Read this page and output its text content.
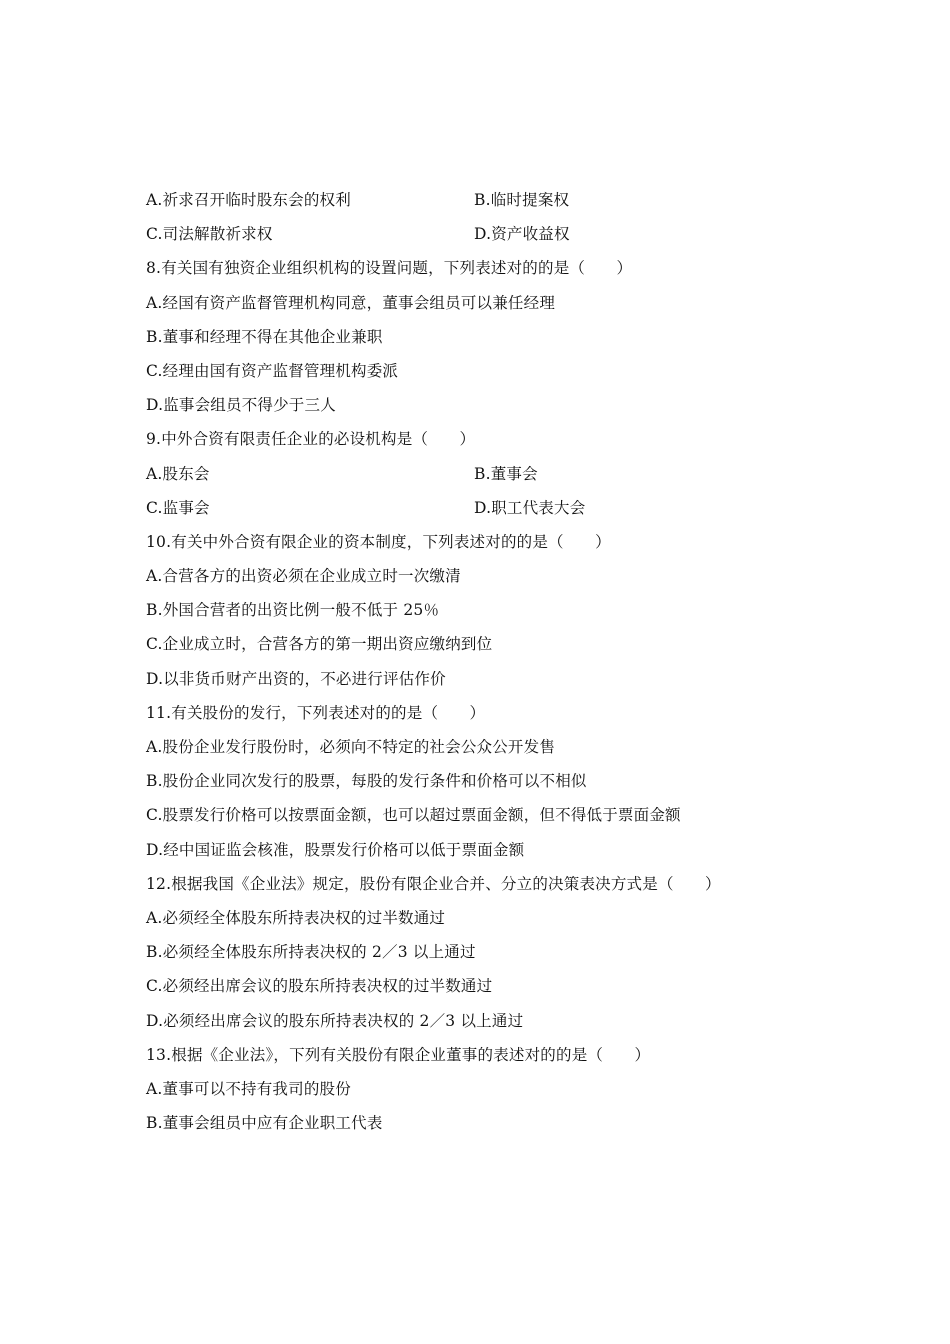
A.祈求召开临时股东会的权利	B.临时提案权
C.司法解散祈求权	D.资产收益权
8.有关国有独资企业组织机构的设置问题，下列表述对的的是（　　）
A.经国有资产监督管理机构同意，董事会组员可以兼任经理
B.董事和经理不得在其他企业兼职
C.经理由国有资产监督管理机构委派
D.监事会组员不得少于三人
9.中外合资有限责任企业的必设机构是（　　）
A.股东会	B.董事会
C.监事会	D.职工代表大会
10.有关中外合资有限企业的资本制度，下列表述对的的是（　　）
A.合营各方的出资必须在企业成立时一次缴清
B.外国合营者的出资比例一般不低于 25％
C.企业成立时，合营各方的第一期出资应缴纳到位
D.以非货币财产出资的，不必进行评估作价
11.有关股份的发行，下列表述对的的是（　　）
A.股份企业发行股份时，必须向不特定的社会公众公开发售
B.股份企业同次发行的股票，每股的发行条件和价格可以不相似
C.股票发行价格可以按票面金额，也可以超过票面金额，但不得低于票面金额
D.经中国证监会核准，股票发行价格可以低于票面金额
12.根据我国《企业法》规定，股份有限企业合并、分立的决策表决方式是（　　）
A.必须经全体股东所持表决权的过半数通过
B.必须经全体股东所持表决权的 2／3 以上通过
C.必须经出席会议的股东所持表决权的过半数通过
D.必须经出席会议的股东所持表决权的 2／3 以上通过
13.根据《企业法》，下列有关股份有限企业董事的表述对的的是（　　）
A.董事可以不持有我司的股份
B.董事会组员中应有企业职工代表
